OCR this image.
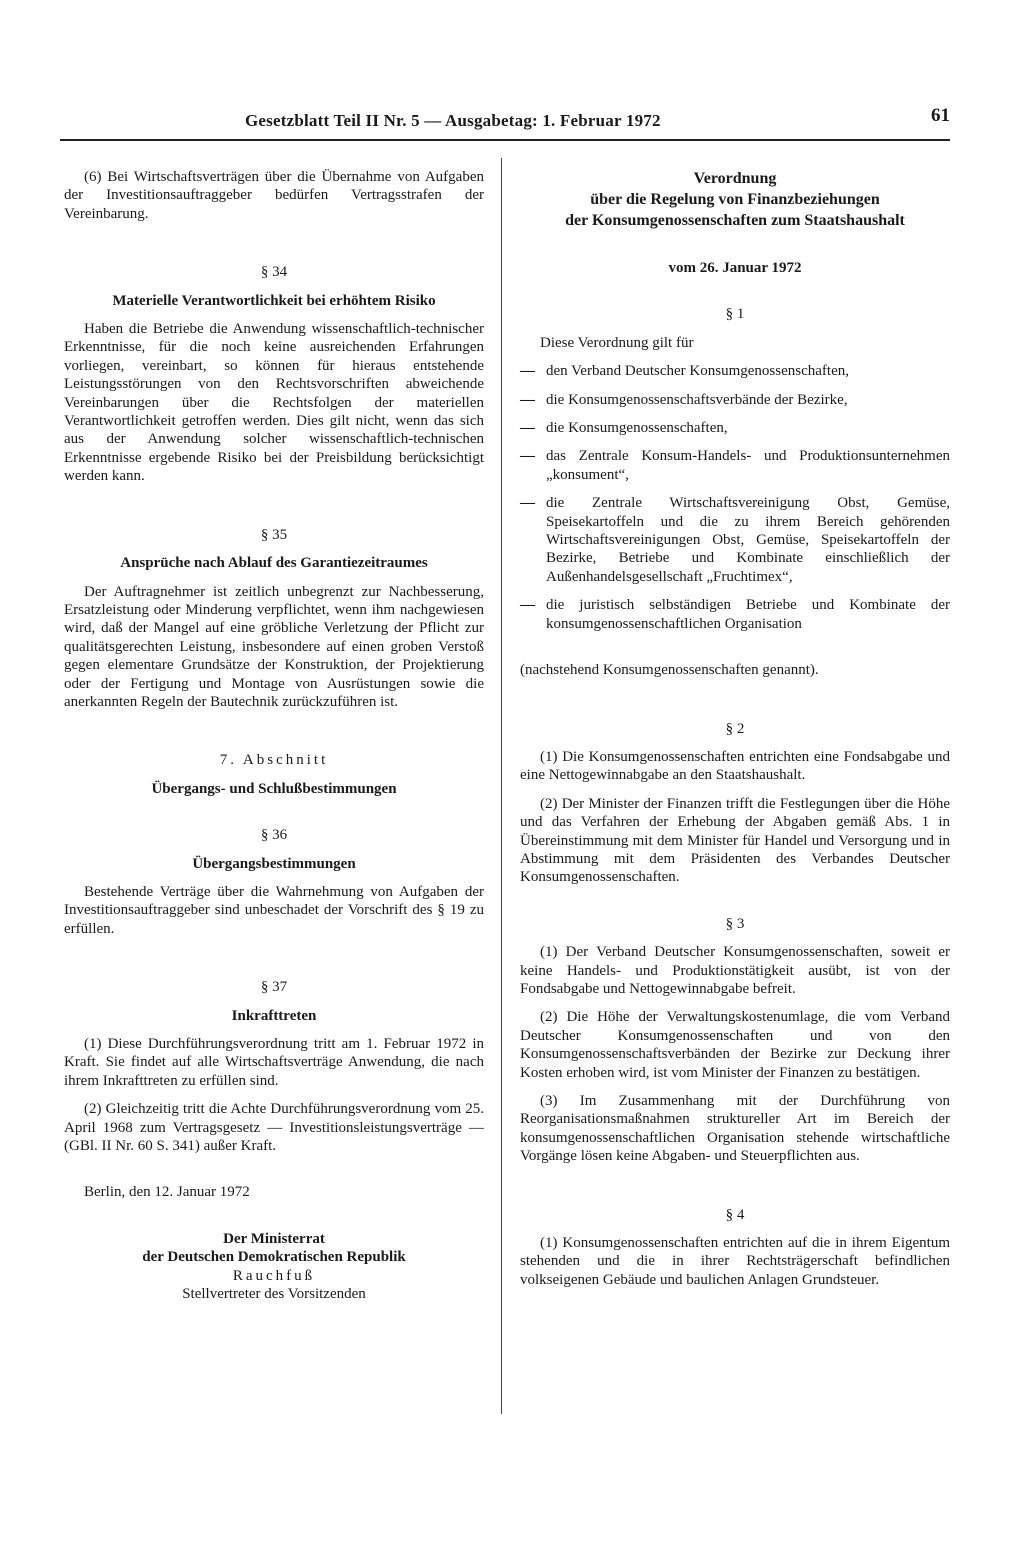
Gesetzblatt Teil II Nr. 5 — Ausgabetag: 1. Februar 1972	61

(6) Bei Wirtschaftsverträgen über die Übernahme von Aufgaben der Investitionsauftraggeber bedürfen Vertragsstrafen der Vereinbarung.

§ 34

Materielle Verantwortlichkeit bei erhöhtem Risiko

Haben die Betriebe die Anwendung wissenschaftlich-technischer Erkenntnisse, für die noch keine ausreichenden Erfahrungen vorliegen, vereinbart, so können für hieraus entstehende Leistungsstörungen von den Rechtsvorschriften abweichende Vereinbarungen über die Rechtsfolgen der materiellen Verantwortlichkeit getroffen werden. Dies gilt nicht, wenn das sich aus der Anwendung solcher wissenschaftlich-technischen Erkenntnisse ergebende Risiko bei der Preisbildung berücksichtigt werden kann.

§ 35

Ansprüche nach Ablauf des Garantiezeitraumes

Der Auftragnehmer ist zeitlich unbegrenzt zur Nachbesserung, Ersatzleistung oder Minderung verpflichtet, wenn ihm nachgewiesen wird, daß der Mangel auf eine gröbliche Verletzung der Pflicht zur qualitätsgerechten Leistung, insbesondere auf einen groben Verstoß gegen elementare Grundsätze der Konstruktion, der Projektierung oder der Fertigung und Montage von Ausrüstungen sowie die anerkannten Regeln der Bautechnik zurückzuführen ist.

7. Abschnitt

Übergangs- und Schlußbestimmungen

§ 36

Übergangsbestimmungen

Bestehende Verträge über die Wahrnehmung von Aufgaben der Investitionsauftraggeber sind unbeschadet der Vorschrift des § 19 zu erfüllen.

§ 37

Inkrafttreten

(1) Diese Durchführungsverordnung tritt am 1. Februar 1972 in Kraft. Sie findet auf alle Wirtschaftsverträge Anwendung, die nach ihrem Inkrafttreten zu erfüllen sind.

(2) Gleichzeitig tritt die Achte Durchführungsverordnung vom 25. April 1968 zum Vertragsgesetz — Investitionsleistungsverträge — (GBl. II Nr. 60 S. 341) außer Kraft.

Berlin, den 12. Januar 1972

Der Ministerrat

der Deutschen Demokratischen Republik

Rauchfuß

Stellvertreter des Vorsitzenden

Verordnung
über die Regelung von Finanzbeziehungen
der Konsumgenossenschaften zum Staatshaushalt

vom 26. Januar 1972

§ 1

Diese Verordnung gilt für

— den Verband Deutscher Konsumgenossenschaften,
— die Konsumgenossenschaftsverbände der Bezirke,
— die Konsumgenossenschaften,
— das Zentrale Konsum-Handels- und Produktionsunternehmen „konsument“,
— die Zentrale Wirtschaftsvereinigung Obst, Gemüse, Speisekartoffeln und die zu ihrem Bereich gehörenden Wirtschaftsvereinigungen Obst, Gemüse, Speisekartoffeln der Bezirke, Betriebe und Kombinate einschließlich der Außenhandelsgesellschaft „Fruchtimex“,
— die juristisch selbständigen Betriebe und Kombinate der konsumgenossenschaftlichen Organisation

(nachstehend Konsumgenossenschaften genannt).

§ 2

(1) Die Konsumgenossenschaften entrichten eine Fondsabgabe und eine Nettogewinnabgabe an den Staatshaushalt.

(2) Der Minister der Finanzen trifft die Festlegungen über die Höhe und das Verfahren der Erhebung der Abgaben gemäß Abs. 1 in Übereinstimmung mit dem Minister für Handel und Versorgung und in Abstimmung mit dem Präsidenten des Verbandes Deutscher Konsumgenossenschaften.

§ 3

(1) Der Verband Deutscher Konsumgenossenschaften, soweit er keine Handels- und Produktionstätigkeit ausübt, ist von der Fondsabgabe und Nettogewinnabgabe befreit.

(2) Die Höhe der Verwaltungskostenumlage, die vom Verband Deutscher Konsumgenossenschaften und von den Konsumgenossenschaftsverbänden der Bezirke zur Deckung ihrer Kosten erhoben wird, ist vom Minister der Finanzen zu bestätigen.

(3) Im Zusammenhang mit der Durchführung von Reorganisationsmaßnahmen struktureller Art im Bereich der konsumgenossenschaftlichen Organisation stehende wirtschaftliche Vorgänge lösen keine Abgaben- und Steuerpflichten aus.

§ 4

(1) Konsumgenossenschaften entrichten auf die in ihrem Eigentum stehenden und die in ihrer Rechtsträgerschaft befindlichen volkseigenen Gebäude und baulichen Anlagen Grundsteuer.
